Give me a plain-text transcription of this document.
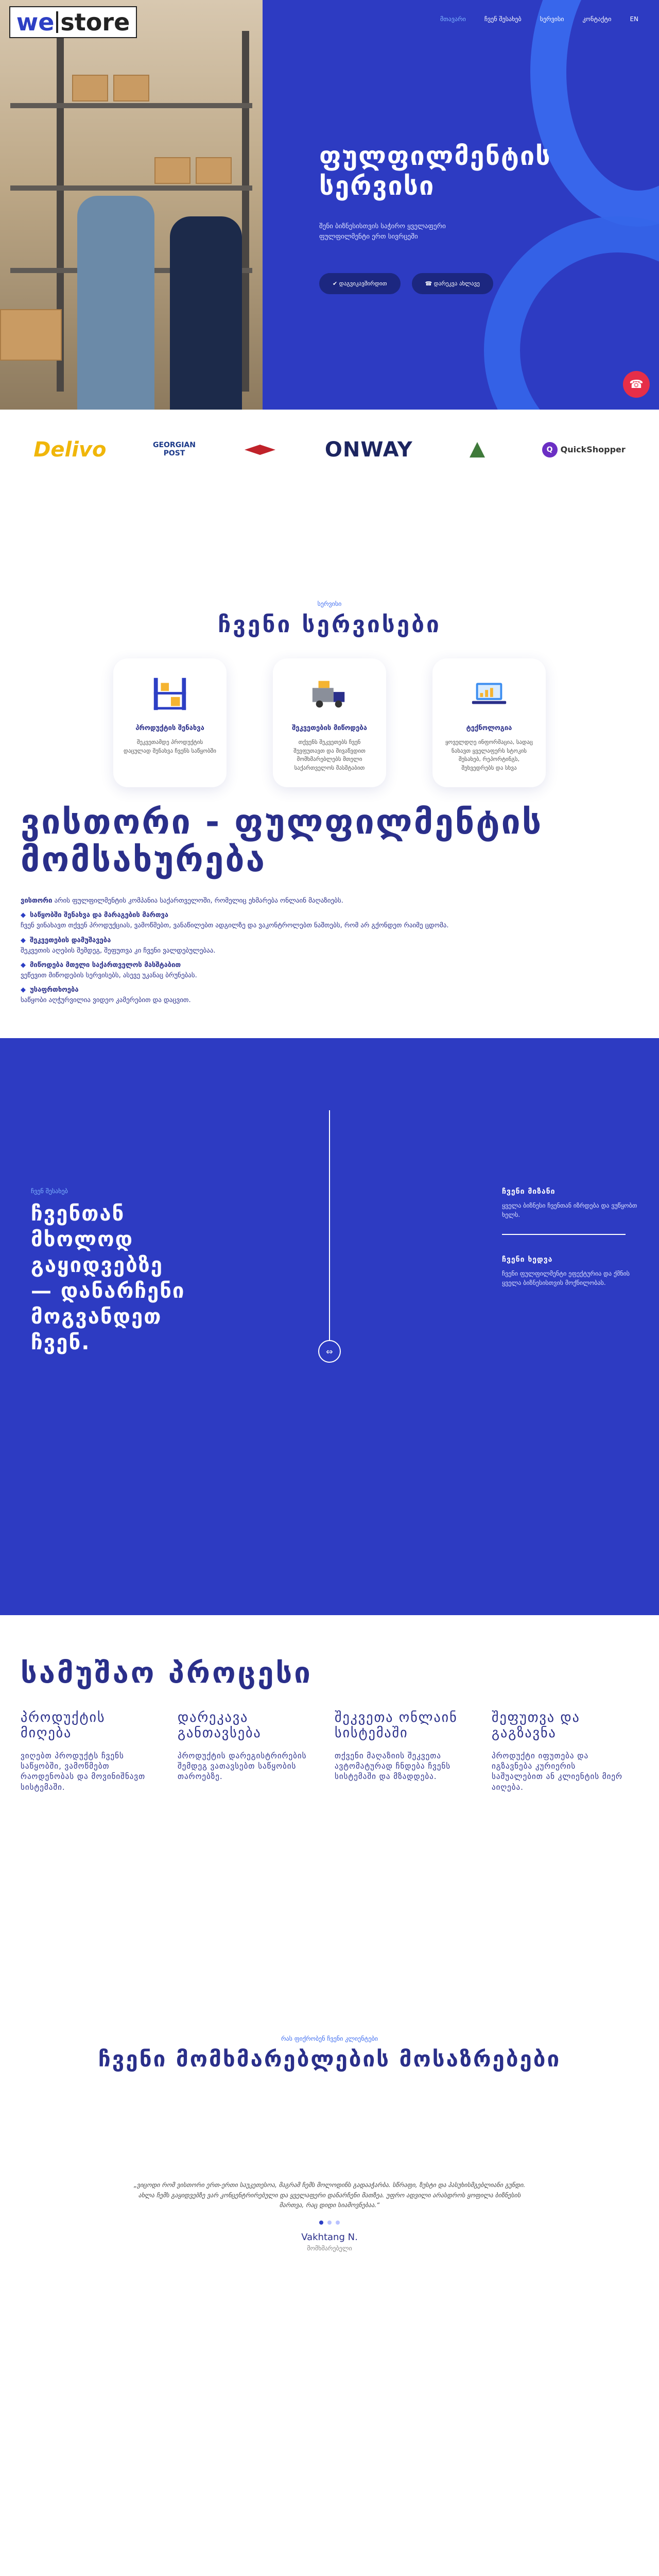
we store	მთავარი	ჩვენ შესახებ	სერვისი	კონტაქტი	EN
ფულფილმენტის სერვისი

შენი ბიზნესისთვის საჭირო ყველაფერი ფულფილმენტი ერთ სივრცეში

✔ დაგვიკავშირდით	☎ დარეკვა ახლავე
☎
Delivo	GEORGIAN
POST	ONWAY	Q QuickShopper
სერვისი
ჩვენი სერვისები
პროდუქტის შენახვა
შეკვეთამდე პროდუქტის დაცულად შენახვა ჩვენს საწყობში
შეკვეთების მიწოდება
თქვენს შეკვეთებს ჩვენ შევფუთავთ და მივაწვდით მომხმარებლებს მთელი საქართველოს მასშტაბით
ტექნოლოგია
ყოველდღე ინფორმაცია, სადაც ნახავთ ყველაფერს სტოკის შესახებ, რეპორტინგს, შეხვედრებს და სხვა
ვისთორი - ფულფილმენტის მომსახურება

ვისთორი არის ფულფილმენტის კომპანია საქართველოში, რომელიც ეხმარება ონლაინ მაღაზიებს.

◆ საწყობში შენახვა და მარაგების მართვა

ჩვენ ვინახავთ თქვენ პროდუქციას, ვამოწმებთ, ვანაწილებთ ადგილზე და ვაკონტროლებთ ნაშთებს, რომ არ გქონდეთ რაიმე ცდომა.

◆ შეკვეთების დამუშავება

შეკვეთის აღების შემდეგ, შეფუთვა კი ჩვენი ვალდებულებაა.

◆ მიწოდება მთელი საქართველოს მასშტაბით

ვეწევით მიწოდების სერვისებს, ასევე უკანაც ბრუნებას.

◆ უსაფრთხოება

საწყობი აღჭურვილია ვიდეო კამერებით და დაცვით.

ჩვენ შესახებ
ჩვენთან მხოლოდ გაყიდვებზე — დანარჩენი მოგვანდეთ ჩვენ.	⇔
ჩვენი მიზანი
ყველა ბიზნესი ჩვენთან იზრდება და ვუწყობთ ხელს.
ჩვენი ხედვა
ჩვენი ფულფილმენტი ეფექტურია და ქმნის ყველა ბიზნესისთვის მოქნილობას.
სამუშაო პროცესი
პროდუქტის მიღება
ვიღებთ პროდუქტს ჩვენს საწყობში, ვამოწმებთ რაოდენობას და მოვინიშნავთ სისტემაში.
დარეკავა განთავსება
პროდუქტის დარეგისტრირების შემდეგ ვათავსებთ საწყობის თაროებზე.
შეკვეთა ონლაინ სისტემაში
თქვენი მაღაზიის შეკვეთა ავტომატურად ჩნდება ჩვენს სისტემაში და მზადდება.
შეფუთვა და გაგზავნა
პროდუქტი იფუთება და იგზავნება კურიერის საშუალებით ან კლიენტის მიერ აიღება.
რას ფიქრობენ ჩვენი კლიენტები
ჩვენი მომხმარებლების მოსაზრებები

„ვიცოდი რომ ვისთორი ერთ-ერთი საუკეთესოა, მაგრამ ჩემს მოლოდინს გადააჭარბა. სწრაფი, ზუსტი და პასუხისმგებლიანი გუნდი. ახლა ჩემს გაყიდვებზე ვარ კონცენტრირებული და ყველაფერი დანარჩენი მათზეა. უფრო ადვილი არასდროს ყოფილა ბიზნესის მართვა, რაც დიდი სიამოვნებაა.“

Vakhtang N.
მომხმარებელი
